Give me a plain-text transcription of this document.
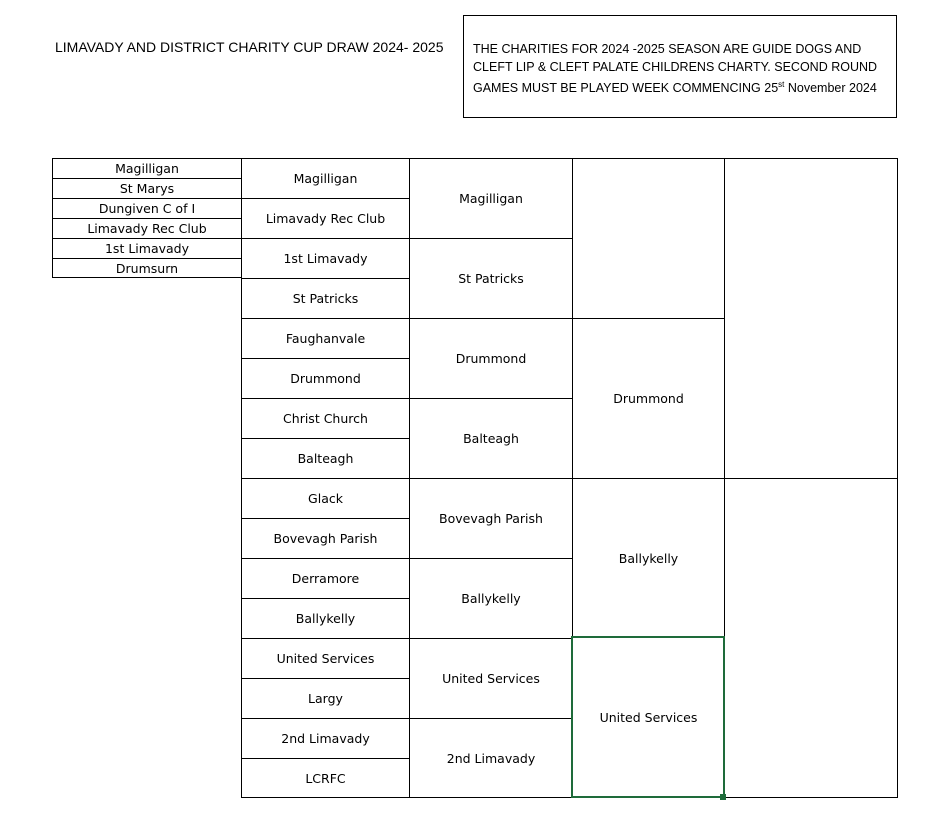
LIMAVADY AND DISTRICT CHARITY CUP DRAW 2024- 2025 THE CHARITIES FOR 2024 -2025 SEASON ARE GUIDE DOGS AND
CLEFT LIP & CLEFT PALATE CHILDRENS CHARTY. SECOND ROUND
GAMES MUST BE PLAYED WEEK COMMENCING 25st November 2024
Magilligan
St Marys
Dungiven C of I
Limavady Rec Club
1st Limavady
Drumsurn
Magilligan
Limavady Rec Club
1st Limavady
St Patricks
Faughanvale
Drummond
Christ Church
Balteagh
Glack
Bovevagh Parish
Derramore
Ballykelly
United Services
Largy
2nd Limavady
LCRFC
Magilligan
St Patricks
Drummond
Balteagh
Bovevagh Parish
Ballykelly
United Services
2nd Limavady
Drummond
Ballykelly
United Services
